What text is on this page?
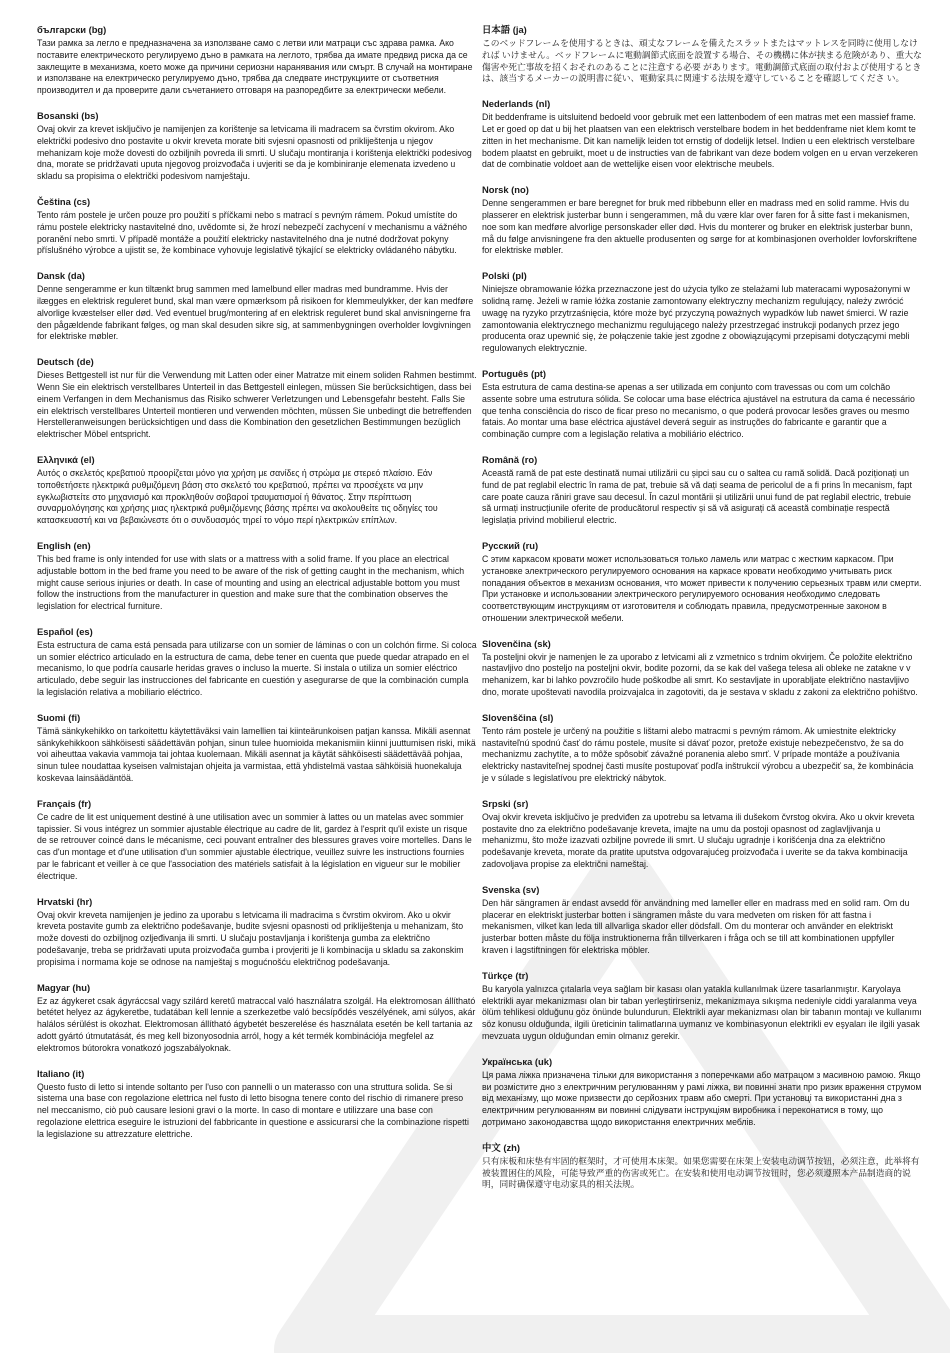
български (bg)

Тази рамка за легло е предназначена за използване само с летви или матраци със здрава рамка. Ако поставите електрическото регулируемо дъно в рамката на леглото, трябва да имате предвид риска да се заклещите в механизма, което може да причини сериозни наранявания или смърт. В случай на монтиране и използване на електрическо регулируемо дъно, трябва да следвате инструкциите от съответния производител и да проверите дали съчетанието отговаря на разпоредбите за електрически мебели.

Bosanski (bs)

Ovaj okvir za krevet isključivo je namijenjen za korištenje sa letvicama ili madracem sa čvrstim okvirom. Ako električki podesivo dno postavite u okvir kreveta morate biti svjesni opasnosti od prikliještenja u njegov mehanizam koje može dovesti do ozbiljnih povreda ili smrti. U slučaju montiranja i korištenja električki podesivog dna, morate se pridržavati uputa njegovog proizvođača i uvjeriti se da je kombiniranje elemenata izvedeno u skladu sa propisima o električki podesivom namještaju.

Čeština (cs)

Tento rám postele je určen pouze pro použití s příčkami nebo s matrací s pevným rámem. Pokud umístíte do rámu postele elektricky nastavitelné dno, uvědomte si, že hrozí nebezpečí zachycení v mechanismu a vážného poranění nebo smrti. V případě montáže a použití elektricky nastavitelného dna je nutné dodržovat pokyny příslušného výrobce a ujistit se, že kombinace vyhovuje legislativě týkající se elektricky ovládaného nábytku.

Dansk (da)

Denne sengeramme er kun tiltænkt brug sammen med lamelbund eller madras med bundramme. Hvis der ilægges en elektrisk reguleret bund, skal man være opmærksom på risikoen for klemmeulykker, der kan medføre alvorlige kvæstelser eller død. Ved eventuel brug/montering af en elektrisk reguleret bund skal anvisningerne fra den pågældende fabrikant følges, og man skal desuden sikre sig, at sammenbygningen overholder lovgivningen for elektriske møbler.

Deutsch (de)

Dieses Bettgestell ist nur für die Verwendung mit Latten oder einer Matratze mit einem soliden Rahmen bestimmt. Wenn Sie ein elektrisch verstellbares Unterteil in das Bettgestell einlegen, müssen Sie berücksichtigen, dass bei einem Verfangen in dem Mechanismus das Risiko schwerer Verletzungen und Lebensgefahr besteht. Falls Sie ein elektrisch verstellbares Unterteil montieren und verwenden möchten, müssen Sie unbedingt die betreffenden Herstelleranweisungen berücksichtigen und dass die Kombination den gesetzlichen Bestimmungen bezüglich elektrischer Möbel entspricht.

Ελληνικά (el)

Αυτός ο σκελετός κρεβατιού προορίζεται μόνο για χρήση με σανίδες ή στρώμα με στερεό πλαίσιο. Εάν τοποθετήσετε ηλεκτρικά ρυθμιζόμενη βάση στο σκελετό του κρεβατιού, πρέπει να προσέχετε να μην εγκλωβιστείτε στο μηχανισμό και προκληθούν σοβαροί τραυματισμοί ή θάνατος. Στην περίπτωση συναρμολόγησης και χρήσης μιας ηλεκτρικά ρυθμιζόμενης βάσης πρέπει να ακολουθείτε τις οδηγίες του κατασκευαστή και να βεβαιώνεστε ότι ο συνδυασμός τηρεί το νόμο περί ηλεκτρικών επίπλων.

English (en)

This bed frame is only intended for use with slats or a mattress with a solid frame. If you place an electrical adjustable bottom in the bed frame you need to be aware of the risk of getting caught in the mechanism, which might cause serious injuries or death. In case of mounting and using an electrical adjustable bottom you must follow the instructions from the manufacturer in question and make sure that the combination observes the legislation for electrical furniture.

Español (es)

Esta estructura de cama está pensada para utilizarse con un somier de láminas o con un colchón firme. Si coloca un somier eléctrico articulado en la estructura de cama, debe tener en cuenta que puede quedar atrapado en el mecanismo, lo que podría causarle heridas graves o incluso la muerte. Si instala o utiliza un somier eléctrico articulado, debe seguir las instrucciones del fabricante en cuestión y asegurarse de que la combinación cumpla la legislación relativa a mobiliario eléctrico.

Suomi (fi)

Tämä sänkykehikko on tarkoitettu käytettäväksi vain lamellien tai kiinteärunkoisen patjan kanssa. Mikäli asennat sänkykehikkoon sähköisesti säädettävän pohjan, sinun tulee huomioida mekanismiin kiinni juuttumisen riski, mikä voi aiheuttaa vakavia vammoja tai johtaa kuolemaan. Mikäli asennat ja käytät sähköisesti säädettävää pohjaa, sinun tulee noudattaa kyseisen valmistajan ohjeita ja varmistaa, että yhdistelmä vastaa sähköisiä huonekaluja koskevaa lainsäädäntöä.

Français (fr)

Ce cadre de lit est uniquement destiné à une utilisation avec un sommier à lattes ou un matelas avec sommier tapissier. Si vous intégrez un sommier ajustable électrique au cadre de lit, gardez à l'esprit qu'il existe un risque de se retrouver coincé dans le mécanisme, ceci pouvant entraîner des blessures graves voire mortelles. Dans le cas d'un montage et d'une utilisation d'un sommier ajustable électrique, veuillez suivre les instructions fournies par le fabricant et veiller à ce que l'association des matériels satisfait à la législation en vigueur sur le mobilier électrique.

Hrvatski (hr)

Ovaj okvir kreveta namijenjen je jedino za uporabu s letvicama ili madracima s čvrstim okvirom. Ako u okvir kreveta postavite gumb za električno podešavanje, budite svjesni opasnosti od prikliještenja u mehanizam, što može dovesti do ozbiljnog ozljeđivanja ili smrti. U slučaju postavljanja i korištenja gumba za električno podešavanje, treba se pridržavati uputa proizvođača gumba i provjeriti je li kombinacija u skladu sa zakonskim propisima i normama koje se odnose na namještaj s mogućnošću električnog podešavanja.

Magyar (hu)

Ez az ágykeret csak ágyráccsal vagy szilárd keretű matraccal való használatra szolgál. Ha elektromosan állítható betétet helyez az ágykeretbe, tudatában kell lennie a szerkezetbe való becsípődés veszélyének, ami súlyos, akár halálos sérülést is okozhat. Elektromosan állítható ágybetét beszerelése és használata esetén be kell tartania az adott gyártó útmutatását, és meg kell bizonyosodnia arról, hogy a két termék kombinációja megfelel az elektromos bútorokra vonatkozó jogszabályoknak.

Italiano (it)

Questo fusto di letto si intende soltanto per l'uso con pannelli o un materasso con una struttura solida. Se si sistema una base con regolazione elettrica nel fusto di letto bisogna tenere conto del rischio di rimanere preso nel meccanismo, ciò può causare lesioni gravi o la morte. In caso di montare e utilizzare una base con regolazione elettrica eseguire le istruzioni del fabbricante in questione e assicurarsi che la combinazione rispetti la legislazione su attrezzature elettriche.

日本語 (ja)

このベッドフレームを使用するときは、頑丈なフレームを備えたスラットまたはマットレスを同時に使用しなければ いけません。ベッドフレームに電動調節式底面を設置する場合、その機構に体が挟まる危険があり、重大な傷害や死亡事故を招くおそれのあることに注意する必要 があります。電動調節式底面の取付および使用するときは、該当するメーカーの説明書に従い、電動家具に関連する法規を遵守していることを確認してくださ い。

Nederlands (nl)

Dit beddenframe is uitsluitend bedoeld voor gebruik met een lattenbodem of een matras met een massief frame. Let er goed op dat u bij het plaatsen van een elektrisch verstelbare bodem in het beddenframe niet klem komt te zitten in het mechanisme. Dit kan namelijk leiden tot ernstig of dodelijk letsel. Indien u een elektrisch verstelbare bodem plaatst en gebruikt, moet u de instructies van de fabrikant van deze bodem volgen en u ervan verzekeren dat de combinatie voldoet aan de wettelijke eisen voor elektrische meubels.

Norsk (no)

Denne sengerammen er bare beregnet for bruk med ribbebunn eller en madrass med en solid ramme. Hvis du plasserer en elektrisk justerbar bunn i sengerammen, må du være klar over faren for å sitte fast i mekanismen, noe som kan medføre alvorlige personskader eller død. Hvis du monterer og bruker en elektrisk justerbar bunn, må du følge anvisningene fra den aktuelle produsenten og sørge for at kombinasjonen overholder lovforskriftene for elektriske møbler.

Polski (pl)

Niniejsze obramowanie łóżka przeznaczone jest do użycia tylko ze stelażami lub materacami wyposażonymi w solidną ramę. Jeżeli w ramie łóżka zostanie zamontowany elektryczny mechanizm regulujący, należy zwrócić uwagę na ryzyko przytrzaśnięcia, które może być przyczyną poważnych wypadków lub nawet śmierci. W razie zamontowania elektrycznego mechanizmu regulującego należy przestrzegać instrukcji podanych przez jego producenta oraz upewnić się, że połączenie takie jest zgodne z obowiązującymi przepisami dotyczącymi mebli regulowanych elektrycznie.

Português (pt)

Esta estrutura de cama destina-se apenas a ser utilizada em conjunto com travessas ou com um colchão assente sobre uma estrutura sólida. Se colocar uma base eléctrica ajustável na estrutura da cama é necessário que tenha consciência do risco de ficar preso no mecanismo, o que poderá provocar lesões graves ou mesmo fatais. Ao montar uma base eléctrica ajustável deverá seguir as instruções do fabricante e garantir que a combinação cumpre com a legislação relativa a mobiliário eléctrico.

Română (ro)

Această ramă de pat este destinată numai utilizării cu șipci sau cu o saltea cu ramă solidă. Dacă poziționați un fund de pat reglabil electric în rama de pat, trebuie să vă dați seama de pericolul de a fi prins în mecanism, fapt care poate cauza răniri grave sau decesul. În cazul montării și utilizării unui fund de pat reglabil electric, trebuie să urmați instrucțiunile oferite de producătorul respectiv și să vă asigurați că această combinație respectă legislația privind mobilierul electric.

Русский (ru)

С этим каркасом кровати может использоваться только ламель или матрас с жестким каркасом. При установке электрического регулируемого основания на каркасе кровати необходимо учитывать риск попадания объектов в механизм основания, что может привести к получению серьезных травм или смерти. При установке и использовании электрического регулируемого основания необходимо следовать соответствующим инструкциям от изготовителя и соблюдать правила, предусмотренные законом в отношении электрической мебели.

Slovenčina (sk)

Ta posteljni okvir je namenjen le za uporabo z letvicami ali z vzmetnico s trdnim okvirjem. Če položite električno nastavljivo dno posteljo na posteljni okvir, bodite pozorni, da se kak del vašega telesa ali obleke ne zatakne v v mehanizem, kar bi lahko povzročilo hude poškodbe ali smrt. Ko sestavljate in uporabljate električno nastavljivo dno, morate upoštevati navodila proizvajalca in zagotoviti, da je sestava v skladu z zakoni za električno pohištvo.

Slovenščina (sl)

Tento rám postele je určený na použitie s lištami alebo matracmi s pevným rámom. Ak umiestnite elektricky nastaviteľnú spodnú časť do rámu postele, musíte si dávať pozor, pretože existuje nebezpečenstvo, že sa do mechanizmu zachytíte, a to môže spôsobiť závažné poranenia alebo smrť. V prípade montáže a používania elektricky nastaviteľnej spodnej časti musíte postupovať podľa inštrukcií výrobcu a ubezpečiť sa, že kombinácia je v súlade s legislatívou pre elektrický nábytok.

Srpski (sr)

Ovaj okvir kreveta isključivo je predviđen za upotrebu sa letvama ili dušekom čvrstog okvira. Ako u okvir kreveta postavite dno za električno podešavanje kreveta, imajte na umu da postoji opasnost od zaglavljivanja u mehanizmu, što može izazvati ozbiljne povrede ili smrt. U slučaju ugradnje i korišćenja dna za električno podešavanje kreveta, morate da pratite uputstva odgovarajućeg proizvođača i uverite se da takva kombinacija zadovoljava propise za električni nameštaj.

Svenska (sv)

Den här sängramen är endast avsedd för användning med lameller eller en madrass med en solid ram. Om du placerar en elektriskt justerbar botten i sängramen måste du vara medveten om risken för att fastna i mekanismen, vilket kan leda till allvarliga skador eller dödsfall. Om du monterar och använder en elektriskt justerbar botten måste du följa instruktionerna från tillverkaren i fråga och se till att kombinationen uppfyller kraven i lagstiftningen för elektriska möbler.

Türkçe (tr)

Bu karyola yalnızca çıtalarla veya sağlam bir kasası olan yatakla kullanılmak üzere tasarlanmıştır. Karyolaya elektrikli ayar mekanizması olan bir taban yerleştirirseniz, mekanizmaya sıkışma nedeniyle ciddi yaralanma veya ölüm tehlikesi olduğunu göz önünde bulundurun. Elektrikli ayar mekanizması olan bir tabanın montajı ve kullanımı söz konusu olduğunda, ilgili üreticinin talimatlarına uymanız ve kombinasyonun elektrikli ev eşyaları ile ilgili yasak mevzuata uygun olduğundan emin olmanız gerekir.

Українська (uk)

Ця рама ліжка призначена тільки для використання з поперечками або матрацом з масивною рамою. Якщо ви розмістите дно з електричним регулюванням у рамі ліжка, ви повинні знати про ризик враження струмом від механізму, що може призвести до серйозних травм або смерті. При установці та використанні дна з електричним регулюванням ви повинні слідувати інструкціям виробника і переконатися в тому, що дотримано законодавства щодо використання електричних меблів.

中文 (zh)

只有床板和床垫有牢固的框架时，才可使用本床架。如果您需要在床架上安装电动调节按钮，必须注意，此举将有被装置困住的风险，可能导致严重的伤害或死亡。在安装和使用电动调节按钮时，您必须遵照本产品制造商的说明，同时确保遵守电动家具的相关法规。
